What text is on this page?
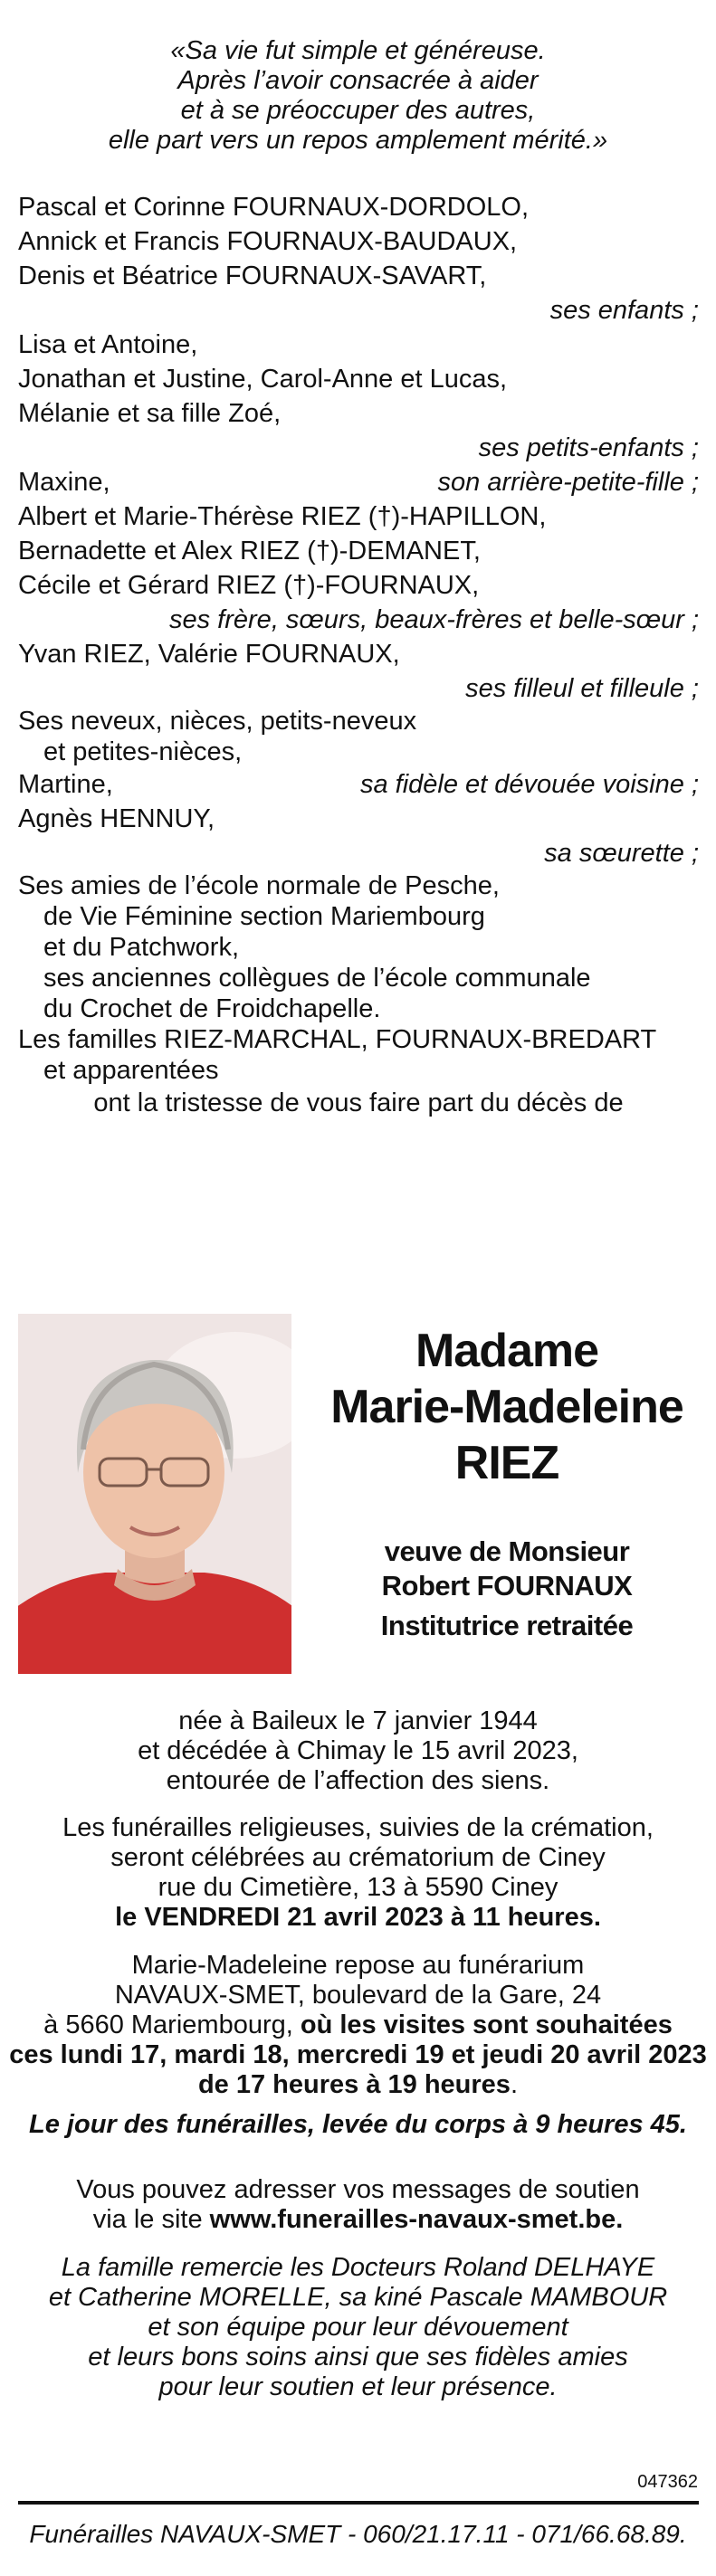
«Sa vie fut simple et généreuse.
Après l’avoir consacrée à aider
et à se préoccuper des autres,
elle part vers un repos amplement mérité.»
Pascal et Corinne FOURNAUX-DORDOLO,
Annick et Francis FOURNAUX-BAUDAUX,
Denis et Béatrice FOURNAUX-SAVART,
ses enfants ;
Lisa et Antoine,
Jonathan et Justine, Carol-Anne et Lucas,
Mélanie et sa fille Zoé,
ses petits-enfants ;
Maxine,	son arrière-petite-fille ;
Albert et Marie-Thérèse RIEZ (†)-HAPILLON,
Bernadette et Alex RIEZ (†)-DEMANET,
Cécile et Gérard RIEZ (†)-FOURNAUX,
ses frère, sœurs, beaux-frères et belle-sœur ;
Yvan RIEZ, Valérie FOURNAUX,
ses filleul et filleule ;
Ses neveux, nièces, petits-neveux
et petites-nièces,
Martine,	sa fidèle et dévouée voisine ;
Agnès HENNUY,
sa sœurette ;
Ses amies de l’école normale de Pesche,
de Vie Féminine section Mariembourg
et du Patchwork,
ses anciennes collègues de l’école communale
du Crochet de Froidchapelle.
Les familles RIEZ-MARCHAL, FOURNAUX-BREDART
et apparentées
ont la tristesse de vous faire part du décès de
Madame
Marie-Madeleine
RIEZ
veuve de Monsieur
Robert FOURNAUX
Institutrice retraitée
née à Baileux le 7 janvier 1944
et décédée à Chimay le 15 avril 2023,
entourée de l’affection des siens.
Les funérailles religieuses, suivies de la crémation,
seront célébrées au crématorium de Ciney
rue du Cimetière, 13 à 5590 Ciney
le VENDREDI 21 avril 2023 à 11 heures.
Marie-Madeleine repose au funérarium
NAVAUX-SMET, boulevard de la Gare, 24
à 5660 Mariembourg, où les visites sont souhaitées
ces lundi 17, mardi 18, mercredi 19 et jeudi 20 avril 2023
de 17 heures à 19 heures.
Le jour des funérailles, levée du corps à 9 heures 45.
Vous pouvez adresser vos messages de soutien
via le site www.funerailles-navaux-smet.be.
La famille remercie les Docteurs Roland DELHAYE
et Catherine MORELLE, sa kiné Pascale MAMBOUR
et son équipe pour leur dévouement
et leurs bons soins ainsi que ses fidèles amies
pour leur soutien et leur présence.
047362
Funérailles NAVAUX-SMET - 060/21.17.11 - 071/66.68.89.
